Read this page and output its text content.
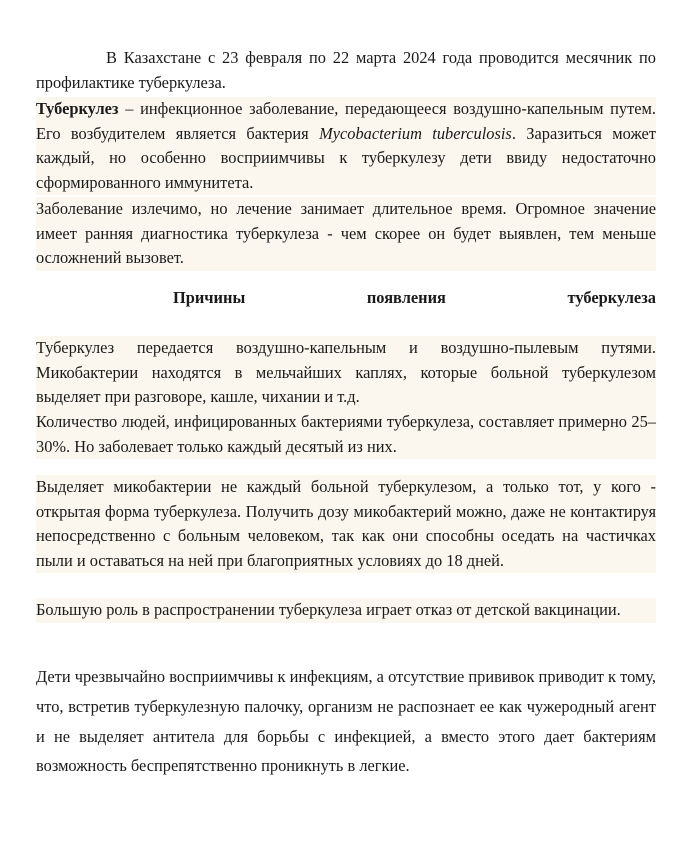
В Казахстане с 23 февраля по 22 марта 2024 года проводится месячник по профилактике туберкулеза.
Туберкулез – инфекционное заболевание, передающееся воздушно-капельным путем. Его возбудителем является бактерия Mycobacterium tuberculosis. Заразиться может каждый, но особенно восприимчивы к туберкулезу дети ввиду недостаточно сформированного иммунитета.
Заболевание излечимо, но лечение занимает длительное время. Огромное значение имеет ранняя диагностика туберкулеза - чем скорее он будет выявлен, тем меньше осложнений вызовет.
Причины появления туберкулеза
Туберкулез передается воздушно-капельным и воздушно-пылевым путями. Микобактерии находятся в мельчайших каплях, которые больной туберкулезом выделяет при разговоре, кашле, чихании и т.д.
Количество людей, инфицированных бактериями туберкулеза, составляет примерно 25–30%. Но заболевает только каждый десятый из них.
Выделяет микобактерии не каждый больной туберкулезом, а только тот, у кого - открытая форма туберкулеза. Получить дозу микобактерий можно, даже не контактируя непосредственно с больным человеком, так как они способны оседать на частичках пыли и оставаться на ней при благоприятных условиях до 18 дней.
Большую роль в распространении туберкулеза играет отказ от детской вакцинации.
Дети чрезвычайно восприимчивы к инфекциям, а отсутствие прививок приводит к тому, что, встретив туберкулезную палочку, организм не распознает ее как чужеродный агент и не выделяет антитела для борьбы с инфекцией, а вместо этого дает бактериям возможность беспрепятственно проникнуть в легкие.
